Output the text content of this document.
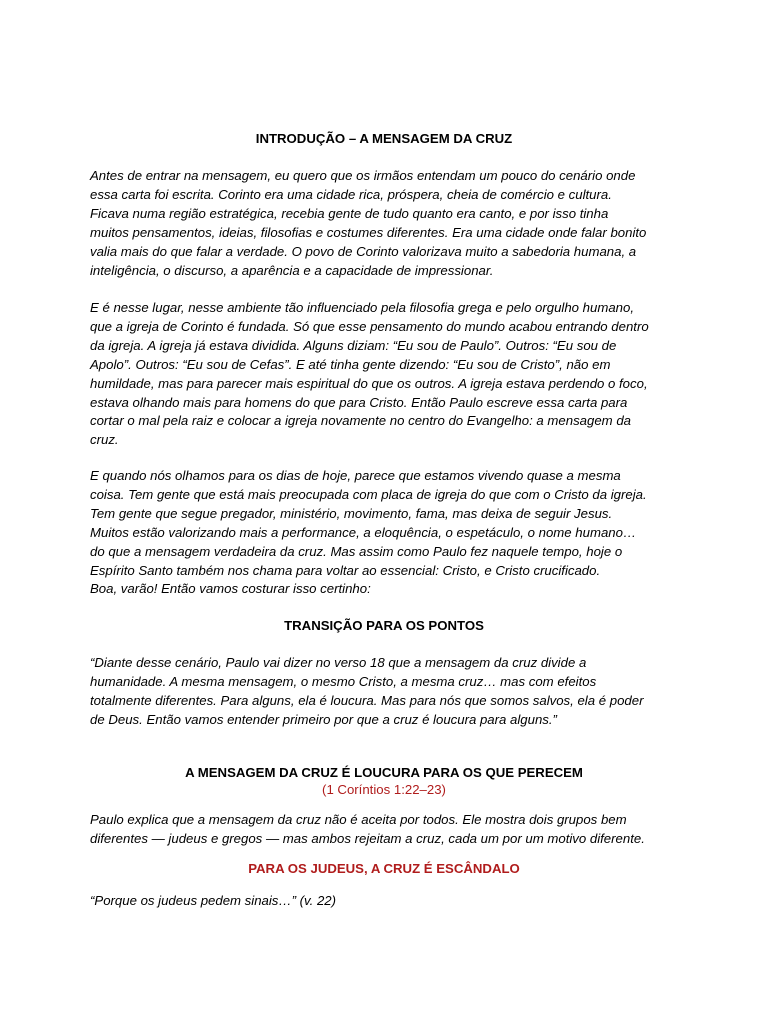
INTRODUÇÃO – A MENSAGEM DA CRUZ

Antes de entrar na mensagem, eu quero que os irmãos entendam um pouco do cenário onde
essa carta foi escrita. Corinto era uma cidade rica, próspera, cheia de comércio e cultura.
Ficava numa região estratégica, recebia gente de tudo quanto era canto, e por isso tinha
muitos pensamentos, ideias, filosofias e costumes diferentes. Era uma cidade onde falar bonito
valia mais do que falar a verdade. O povo de Corinto valorizava muito a sabedoria humana, a
inteligência, o discurso, a aparência e a capacidade de impressionar.

E é nesse lugar, nesse ambiente tão influenciado pela filosofia grega e pelo orgulho humano,
que a igreja de Corinto é fundada. Só que esse pensamento do mundo acabou entrando dentro
da igreja. A igreja já estava dividida. Alguns diziam: “Eu sou de Paulo”. Outros: “Eu sou de
Apolo”. Outros: “Eu sou de Cefas”. E até tinha gente dizendo: “Eu sou de Cristo”, não em
humildade, mas para parecer mais espiritual do que os outros. A igreja estava perdendo o foco,
estava olhando mais para homens do que para Cristo. Então Paulo escreve essa carta para
cortar o mal pela raiz e colocar a igreja novamente no centro do Evangelho: a mensagem da
cruz.

E quando nós olhamos para os dias de hoje, parece que estamos vivendo quase a mesma
coisa. Tem gente que está mais preocupada com placa de igreja do que com o Cristo da igreja.
Tem gente que segue pregador, ministério, movimento, fama, mas deixa de seguir Jesus.
Muitos estão valorizando mais a performance, a eloquência, o espetáculo, o nome humano…
do que a mensagem verdadeira da cruz. Mas assim como Paulo fez naquele tempo, hoje o
Espírito Santo também nos chama para voltar ao essencial: Cristo, e Cristo crucificado.
Boa, varão! Então vamos costurar isso certinho:

TRANSIÇÃO PARA OS PONTOS

“Diante desse cenário, Paulo vai dizer no verso 18 que a mensagem da cruz divide a
humanidade. A mesma mensagem, o mesmo Cristo, a mesma cruz… mas com efeitos
totalmente diferentes. Para alguns, ela é loucura. Mas para nós que somos salvos, ela é poder
de Deus. Então vamos entender primeiro por que a cruz é loucura para alguns.”

A MENSAGEM DA CRUZ É LOUCURA PARA OS QUE PERECEM
(1 Coríntios 1:22–23)

Paulo explica que a mensagem da cruz não é aceita por todos. Ele mostra dois grupos bem
diferentes — judeus e gregos — mas ambos rejeitam a cruz, cada um por um motivo diferente.

PARA OS JUDEUS, A CRUZ É ESCÂNDALO

“Porque os judeus pedem sinais…” (v. 22)
